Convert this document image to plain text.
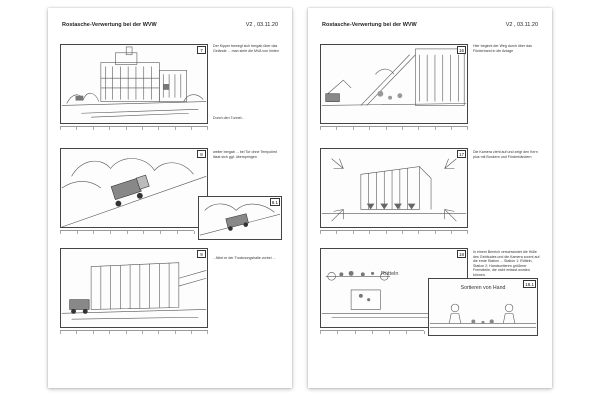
Rostasche-Verwertung bei der WVW	V2 , 03.11.20
7
Der Kipper bewegt sich bergab über das Gelände ... man sieht die MVA von hinten
Durch den Tunnel...
8
8.1
weiter bergab ... bei Tor ohne Tempolimt lässt sich ggf. überspringen
9
...fährt er der Trocknungshalle vorbei ...
Rostasche-Verwertung bei der WVW	V2 , 03.11.20
16
Hier beginnt der Weg durch über das Förderband in die Anlage
17	Die Kamera zieht auf und zeigt den Kern plus mit Bunkern und Förderbändern
18
Rütteln
Sortieren von Hand
18.1
In einem Bereich verschwindet die Hülle des Gebäudes und die Kamera zoomt auf die erste Station ... Station 1: Rütteln, Station 2: Handsortieren größerer Fremdteile, die nicht erfasst worden können.
